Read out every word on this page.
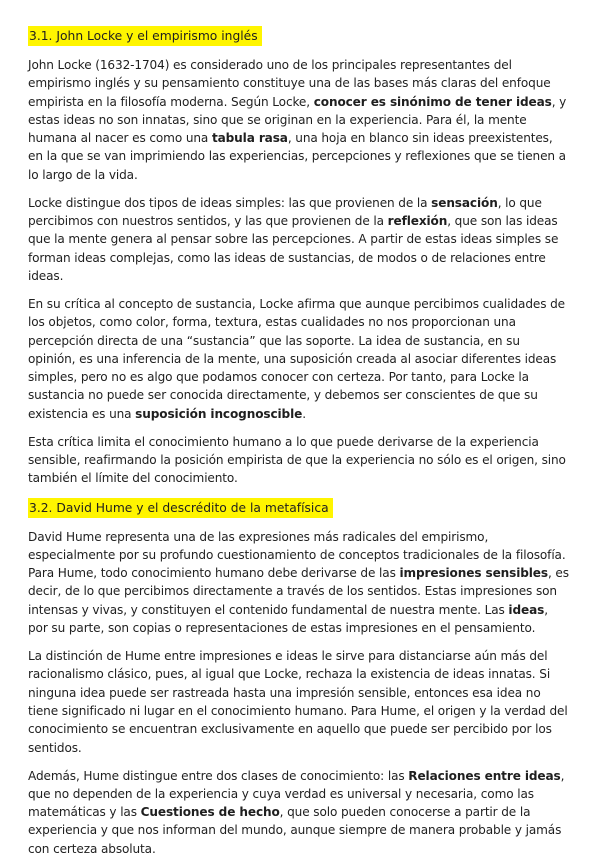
3.1. John Locke y el empirismo inglés

John Locke (1632-1704) es considerado uno de los principales representantes del empirismo inglés y su pensamiento constituye una de las bases más claras del enfoque empirista en la filosofía moderna. Según Locke, conocer es sinónimo de tener ideas, y estas ideas no son innatas, sino que se originan en la experiencia. Para él, la mente humana al nacer es como una tabula rasa, una hoja en blanco sin ideas preexistentes, en la que se van imprimiendo las experiencias, percepciones y reflexiones que se tienen a lo largo de la vida.

Locke distingue dos tipos de ideas simples: las que provienen de la sensación, lo que percibimos con nuestros sentidos, y las que provienen de la reflexión, que son las ideas que la mente genera al pensar sobre las percepciones. A partir de estas ideas simples se forman ideas complejas, como las ideas de sustancias, de modos o de relaciones entre ideas.

En su crítica al concepto de sustancia, Locke afirma que aunque percibimos cualidades de los objetos, como color, forma, textura, estas cualidades no nos proporcionan una percepción directa de una “sustancia” que las soporte. La idea de sustancia, en su opinión, es una inferencia de la mente, una suposición creada al asociar diferentes ideas simples, pero no es algo que podamos conocer con certeza. Por tanto, para Locke la sustancia no puede ser conocida directamente, y debemos ser conscientes de que su existencia es una suposición incognoscible.

Esta crítica limita el conocimiento humano a lo que puede derivarse de la experiencia sensible, reafirmando la posición empirista de que la experiencia no sólo es el origen, sino también el límite del conocimiento.

3.2. David Hume y el descrédito de la metafísica

David Hume representa una de las expresiones más radicales del empirismo, especialmente por su profundo cuestionamiento de conceptos tradicionales de la filosofía. Para Hume, todo conocimiento humano debe derivarse de las impresiones sensibles, es decir, de lo que percibimos directamente a través de los sentidos. Estas impresiones son intensas y vivas, y constituyen el contenido fundamental de nuestra mente. Las ideas, por su parte, son copias o representaciones de estas impresiones en el pensamiento.

La distinción de Hume entre impresiones e ideas le sirve para distanciarse aún más del racionalismo clásico, pues, al igual que Locke, rechaza la existencia de ideas innatas. Si ninguna idea puede ser rastreada hasta una impresión sensible, entonces esa idea no tiene significado ni lugar en el conocimiento humano. Para Hume, el origen y la verdad del conocimiento se encuentran exclusivamente en aquello que puede ser percibido por los sentidos.

Además, Hume distingue entre dos clases de conocimiento: las Relaciones entre ideas, que no dependen de la experiencia y cuya verdad es universal y necesaria, como las matemáticas y las Cuestiones de hecho, que solo pueden conocerse a partir de la experiencia y que nos informan del mundo, aunque siempre de manera probable y jamás con certeza absoluta.
